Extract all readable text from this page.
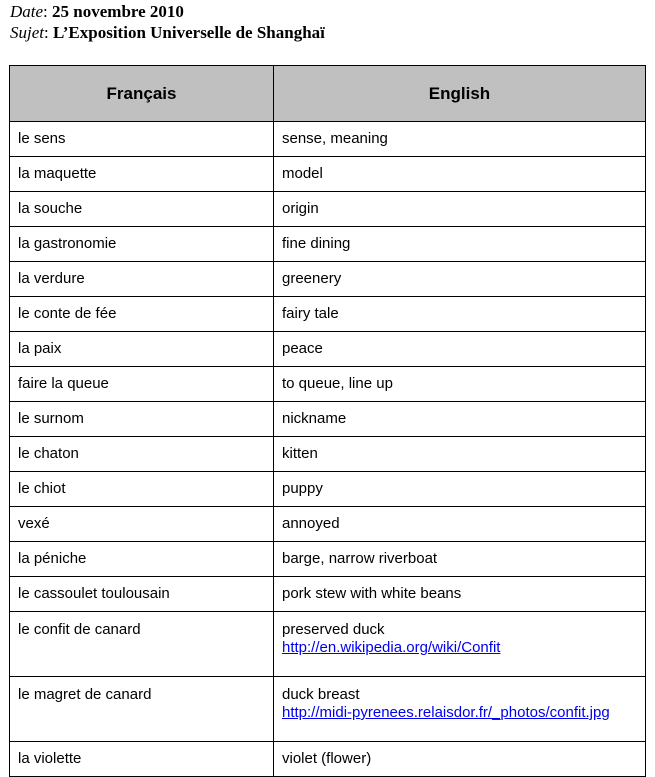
Date: 25 novembre 2010
Sujet: L’Exposition Universelle de Shanghaï
Français	English
le sens	sense, meaning
la maquette	model
la souche	origin
la gastronomie	fine dining
la verdure	greenery
le conte de fée	fairy tale
la paix	peace
faire la queue	to queue, line up
le surnom	nickname
le chaton	kitten
le chiot	puppy
vexé	annoyed
la péniche	barge, narrow riverboat
le cassoulet toulousain	pork stew with white beans
le confit de canard	preserved duck
http://en.wikipedia.org/wiki/Confit

le magret de canard	duck breast
http://midi-pyrenees.relaisdor.fr/_photos/confit.jpg

la violette	violet (flower)
